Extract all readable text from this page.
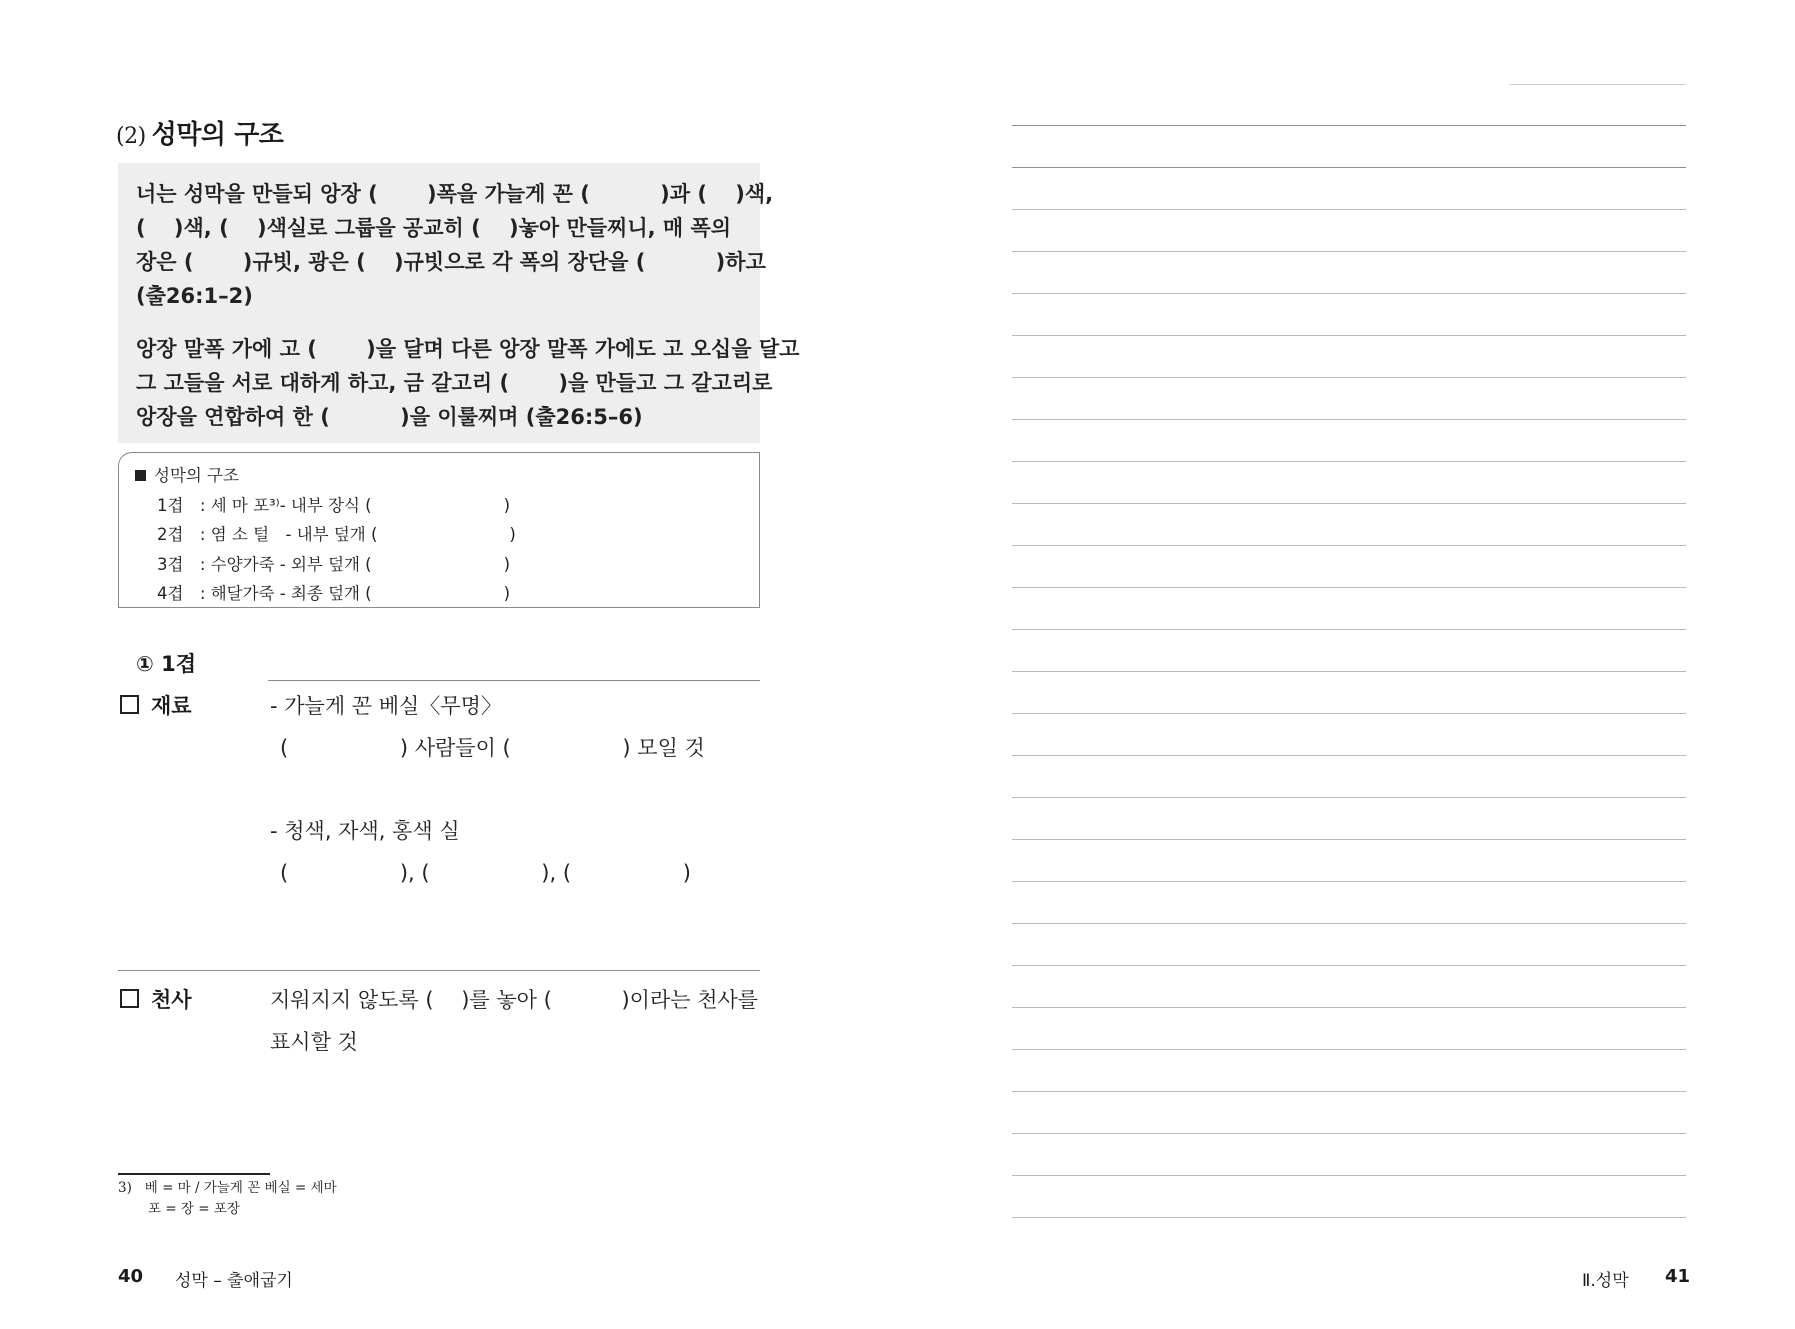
(2) 성막의 구조

너는 성막을 만들되 앙장 (　　 )폭을 가늘게 꼰 (　　　 )과 (　 )색,

(　 )색, (　 )색실로 그룹을 공교히 (　 )놓아 만들찌니, 매 폭의

장은 (　　 )규빗, 광은 (　 )규빗으로 각 폭의 장단을 (　　　 )하고

(출26:1–2)

앙장 말폭 가에 고 (　　 )을 달며 다른 앙장 말폭 가에도 고 오십을 달고

그 고들을 서로 대하게 하고, 금 갈고리 (　　 )을 만들고 그 갈고리로

앙장을 연합하여 한 (　　　 )을 이룰찌며 (출26:5–6)

성막의 구조
1겹　: 세 마 포³⁾- 내부 장식 (　　　　　　　　)
2겹　: 염 소 털　- 내부 덮개 (　　　　　　　　)
3겹　: 수양가죽 - 외부 덮개 (　　　　　　　　)
4겹　: 해달가죽 - 최종 덮개 (　　　　　　　　)
① 1겹
재료	- 가늘게 꼰 베실〈무명〉
(　　　　　 ) 사람들이 (　　　　　 ) 모일 것
- 청색, 자색, 홍색 실
(　　　　　 ), (　　　　　 ), (　　　　　 )
천사	지워지지 않도록 (　 )를 놓아 (　　　 )이라는 천사를
표시할 것
3) 베 = 마 / 가늘게 꼰 베실 = 세마
포 = 장 = 포장
40 성막 – 출애굽기	Ⅱ.성막 41
